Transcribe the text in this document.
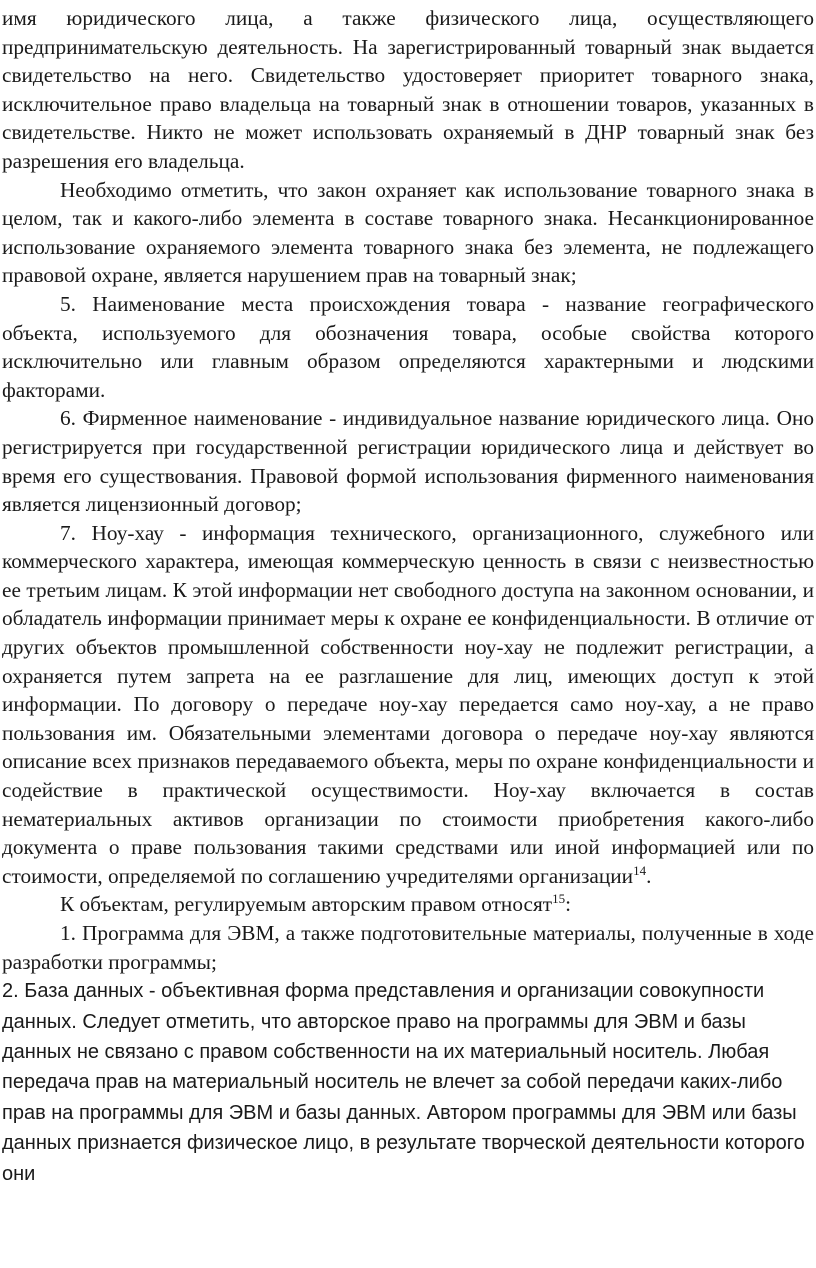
имя юридического лица, а также физического лица, осуществляющего предпринимательскую деятельность. На зарегистрированный товарный знак выдается свидетельство на него. Свидетельство удостоверяет приоритет товарного знака, исключительное право владельца на товарный знак в отношении товаров, указанных в свидетельстве. Никто не может использовать охраняемый в ДНР товарный знак без разрешения его владельца.

Необходимо отметить, что закон охраняет как использование товарного знака в целом, так и какого-либо элемента в составе товарного знака. Несанкционированное использование охраняемого элемента товарного знака без элемента, не подлежащего правовой охране, является нарушением прав на товарный знак;

5. Наименование места происхождения товара - название географического объекта, используемого для обозначения товара, особые свойства которого исключительно или главным образом определяются характерными и людскими факторами.

6. Фирменное наименование - индивидуальное название юридического лица. Оно регистрируется при государственной регистрации юридического лица и действует во время его существования. Правовой формой использования фирменного наименования является лицензионный договор;

7. Ноу-хау - информация технического, организационного, служебного или коммерческого характера, имеющая коммерческую ценность в связи с неизвестностью ее третьим лицам. К этой информации нет свободного доступа на законном основании, и обладатель информации принимает меры к охране ее конфиденциальности. В отличие от других объектов промышленной собственности ноу-хау не подлежит регистрации, а охраняется путем запрета на ее разглашение для лиц, имеющих доступ к этой информации. По договору о передаче ноу-хау передается само ноу-хау, а не право пользования им. Обязательными элементами договора о передаче ноу-хау являются описание всех признаков передаваемого объекта, меры по охране конфиденциальности и содействие в практической осуществимости. Ноу-хау включается в состав нематериальных активов организации по стоимости приобретения какого-либо документа о праве пользования такими средствами или иной информацией или по стоимости, определяемой по соглашению учредителями организации$^{14}$.

К объектам, регулируемым авторским правом относят$^{15}$:

1. Программа для ЭВМ, а также подготовительные материалы, полученные в ходе разработки программы;

2. База данных - объективная форма представления и организации совокупности данных. Следует отметить, что авторское право на программы для ЭВМ и базы данных не связано с правом собственности на их материальный носитель. Любая передача прав на материальный носитель не влечет за собой передачи каких-либо прав на программы для ЭВМ и базы данных. Автором программы для ЭВМ или базы данных признается физическое лицо, в результате творческой деятельности которого они
